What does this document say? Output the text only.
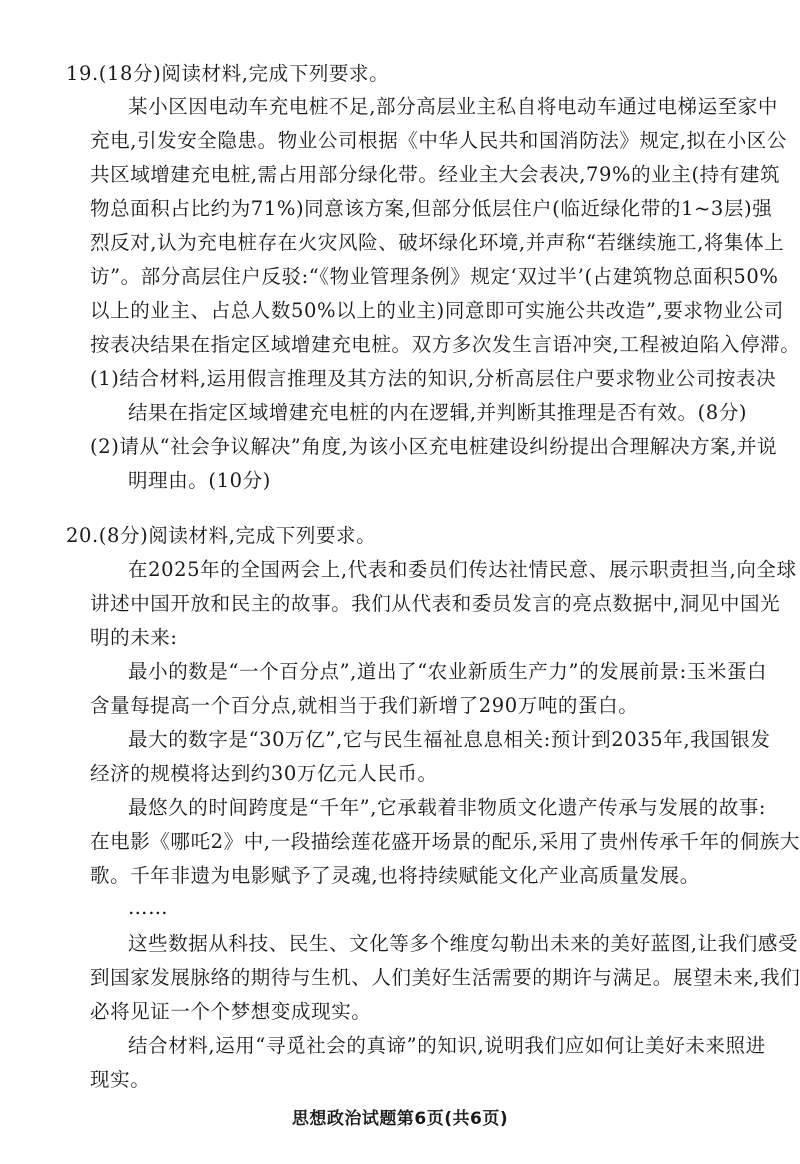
19.(18分)阅读材料,完成下列要求。
某小区因电动车充电桩不足,部分高层业主私自将电动车通过电梯运至家中
充电,引发安全隐患。物业公司根据《中华人民共和国消防法》规定,拟在小区公
共区域增建充电桩,需占用部分绿化带。经业主大会表决,79%的业主(持有建筑
物总面积占比约为71%)同意该方案,但部分低层住户(临近绿化带的1~3层)强
烈反对,认为充电桩存在火灾风险、破坏绿化环境,并声称“若继续施工,将集体上
访”。部分高层住户反驳:“《物业管理条例》规定‘双过半’(占建筑物总面积50%
以上的业主、占总人数50%以上的业主)同意即可实施公共改造”,要求物业公司
按表决结果在指定区域增建充电桩。双方多次发生言语冲突,工程被迫陷入停滞。
(1)结合材料,运用假言推理及其方法的知识,分析高层住户要求物业公司按表决
结果在指定区域增建充电桩的内在逻辑,并判断其推理是否有效。(8分)
(2)请从“社会争议解决”角度,为该小区充电桩建设纠纷提出合理解决方案,并说
明理由。(10分)
20.(8分)阅读材料,完成下列要求。
在2025年的全国两会上,代表和委员们传达社情民意、展示职责担当,向全球
讲述中国开放和民主的故事。我们从代表和委员发言的亮点数据中,洞见中国光
明的未来:
最小的数是“一个百分点”,道出了“农业新质生产力”的发展前景:玉米蛋白
含量每提高一个百分点,就相当于我们新增了290万吨的蛋白。
最大的数字是“30万亿”,它与民生福祉息息相关:预计到2035年,我国银发
经济的规模将达到约30万亿元人民币。
最悠久的时间跨度是“千年”,它承载着非物质文化遗产传承与发展的故事:
在电影《哪吒2》中,一段描绘莲花盛开场景的配乐,采用了贵州传承千年的侗族大
歌。千年非遗为电影赋予了灵魂,也将持续赋能文化产业高质量发展。
……
这些数据从科技、民生、文化等多个维度勾勒出未来的美好蓝图,让我们感受
到国家发展脉络的期待与生机、人们美好生活需要的期许与满足。展望未来,我们
必将见证一个个梦想变成现实。
结合材料,运用“寻觅社会的真谛”的知识,说明我们应如何让美好未来照进
思想政治试题第6页(共6页)
现实。
